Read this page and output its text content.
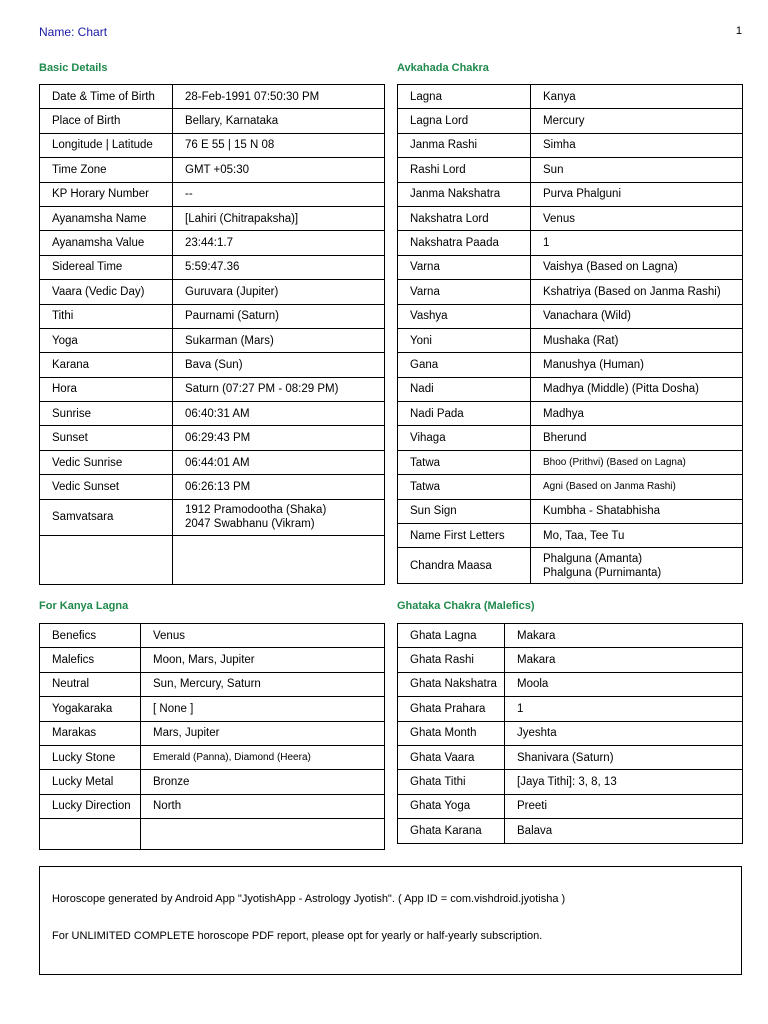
Name: Chart	1
Basic Details
Date & Time of Birth	28-Feb-1991 07:50:30 PM
Place of Birth	Bellary, Karnataka
Longitude | Latitude	76 E 55 | 15 N 08
Time Zone	GMT +05:30
KP Horary Number	--
Ayanamsha Name	[Lahiri (Chitrapaksha)]
Ayanamsha Value	23:44:1.7
Sidereal Time	5:59:47.36
Vaara (Vedic Day)	Guruvara (Jupiter)
Tithi	Paurnami (Saturn)
Yoga	Sukarman (Mars)
Karana	Bava (Sun)
Hora	Saturn (07:27 PM - 08:29 PM)
Sunrise	06:40:31 AM
Sunset	06:29:43 PM
Vedic Sunrise	06:44:01 AM
Vedic Sunset	06:26:13 PM
Samvatsara	1912 Pramodootha (Shaka)
2047 Swabhanu (Vikram)

Avkahada Chakra
Lagna	Kanya
Lagna Lord	Mercury
Janma Rashi	Simha
Rashi Lord	Sun
Janma Nakshatra	Purva Phalguni
Nakshatra Lord	Venus
Nakshatra Paada	1
Varna	Vaishya (Based on Lagna)
Varna	Kshatriya (Based on Janma Rashi)
Vashya	Vanachara (Wild)
Yoni	Mushaka (Rat)
Gana	Manushya (Human)
Nadi	Madhya (Middle) (Pitta Dosha)
Nadi Pada	Madhya
Vihaga	Bherund
Tatwa	Bhoo (Prithvi) (Based on Lagna)
Tatwa	Agni (Based on Janma Rashi)
Sun Sign	Kumbha - Shatabhisha
Name First Letters	Mo, Taa, Tee Tu
Chandra Maasa	Phalguna (Amanta)
Phalguna (Purnimanta)
For Kanya Lagna
Benefics	Venus
Malefics	Moon, Mars, Jupiter
Neutral	Sun, Mercury, Saturn
Yogakaraka	[ None ]
Marakas	Mars, Jupiter
Lucky Stone	Emerald (Panna), Diamond (Heera)
Lucky Metal	Bronze
Lucky Direction	North

Ghataka Chakra (Malefics)
Ghata Lagna	Makara
Ghata Rashi	Makara
Ghata Nakshatra	Moola
Ghata Prahara	1
Ghata Month	Jyeshta
Ghata Vaara	Shanivara (Saturn)
Ghata Tithi	[Jaya Tithi]: 3, 8, 13
Ghata Yoga	Preeti
Ghata Karana	Balava

Horoscope generated by Android App "JyotishApp - Astrology Jyotish". ( App ID = com.vishdroid.jyotisha )

For UNLIMITED COMPLETE horoscope PDF report, please opt for yearly or half-yearly subscription.
